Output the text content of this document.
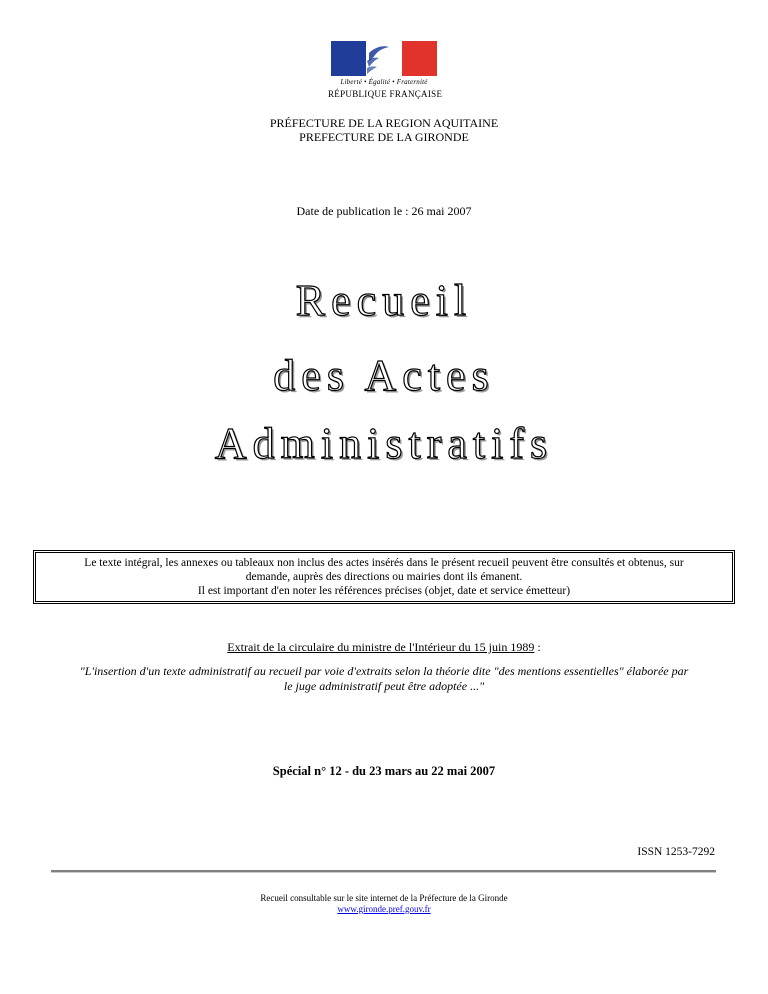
Liberté • Égalité • Fraternité
RÉPUBLIQUE FRANÇAISE
PRÉFECTURE DE LA REGION AQUITAINE
PREFECTURE DE LA GIRONDE
Date de publication le : 26 mai 2007
Recueil
des Actes
Administratifs
Le texte intégral, les annexes ou tableaux non inclus des actes insérés dans le présent recueil peuvent être consultés et obtenus, sur
demande, auprès des directions ou mairies dont ils émanent.
Il est important d'en noter les références précises (objet, date et service émetteur)
Extrait de la circulaire du ministre de l'Intérieur du 15 juin 1989 :
"L'insertion d'un texte administratif au recueil par voie d'extraits selon la théorie dite "des mentions essentielles" élaborée par
le juge administratif peut être adoptée ..."
Spécial n° 12 - du 23 mars au 22 mai 2007
ISSN 1253-7292
Recueil consultable sur le site internet de la Préfecture de la Gironde
www.gironde.pref.gouv.fr
